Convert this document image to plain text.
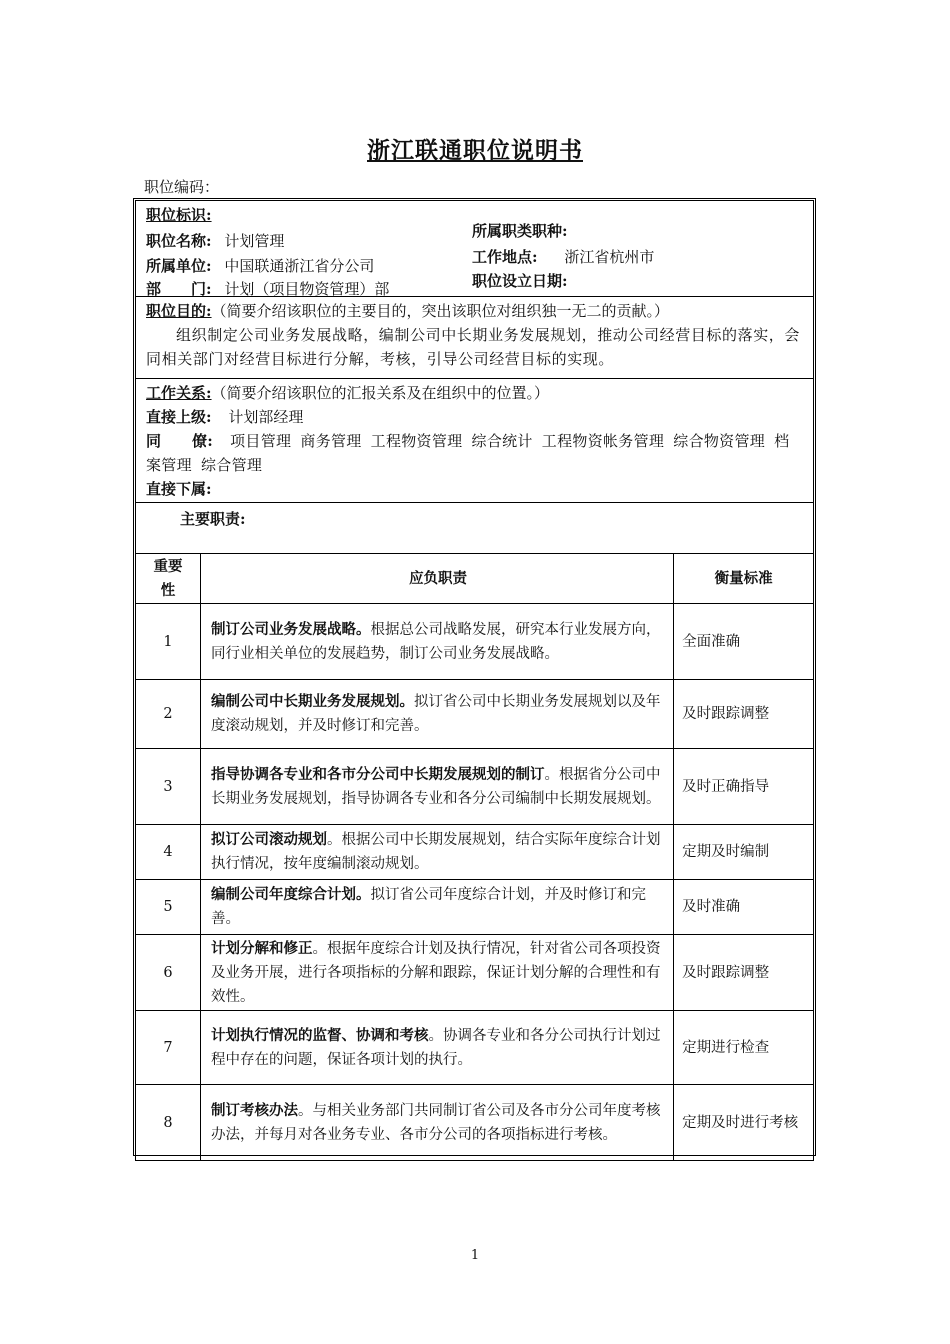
浙江联通职位说明书
职位编码：
职位标识:
职位名称: 计划管理
所属单位: 中国联通浙江省分公司
部　　门: 计划（项目物资管理）部
所属职类职种:
工作地点: 浙江省杭州市
职位设立日期:
职位目的:（简要介绍该职位的主要目的，突出该职位对组织独一无二的贡献。）
组织制定公司业务发展战略，编制公司中长期业务发展规划，推动公司经营目标的落实，会同相关部门对经营目标进行分解，考核，引导公司经营目标的实现。
工作关系:（简要介绍该职位的汇报关系及在组织中的位置。）
直接上级: 计划部经理
同　　僚: 项目管理 商务管理 工程物资管理 综合统计 工程物资帐务管理 综合物资管理 档案管理 综合管理
直接下属:
主要职责:
重要性	应负职责	衡量标准
1	制订公司业务发展战略。根据总公司战略发展，研究本行业发展方向，同行业相关单位的发展趋势，制订公司业务发展战略。	全面准确
2	编制公司中长期业务发展规划。拟订省公司中长期业务发展规划以及年度滚动规划，并及时修订和完善。	及时跟踪调整
3	指导协调各专业和各市分公司中长期发展规划的制订。根据省分公司中长期业务发展规划，指导协调各专业和各分公司编制中长期发展规划。	及时正确指导
4	拟订公司滚动规划。根据公司中长期发展规划，结合实际年度综合计划执行情况，按年度编制滚动规划。	定期及时编制
5	编制公司年度综合计划。拟订省公司年度综合计划，并及时修订和完善。	及时准确
6	计划分解和修正。根据年度综合计划及执行情况，针对省公司各项投资及业务开展，进行各项指标的分解和跟踪，保证计划分解的合理性和有效性。	及时跟踪调整
7	计划执行情况的监督、协调和考核。协调各专业和各分公司执行计划过程中存在的问题，保证各项计划的执行。	定期进行检查
8	制订考核办法。与相关业务部门共同制订省公司及各市分公司年度考核办法，并每月对各业务专业、各市分公司的各项指标进行考核。	定期及时进行考核
1
